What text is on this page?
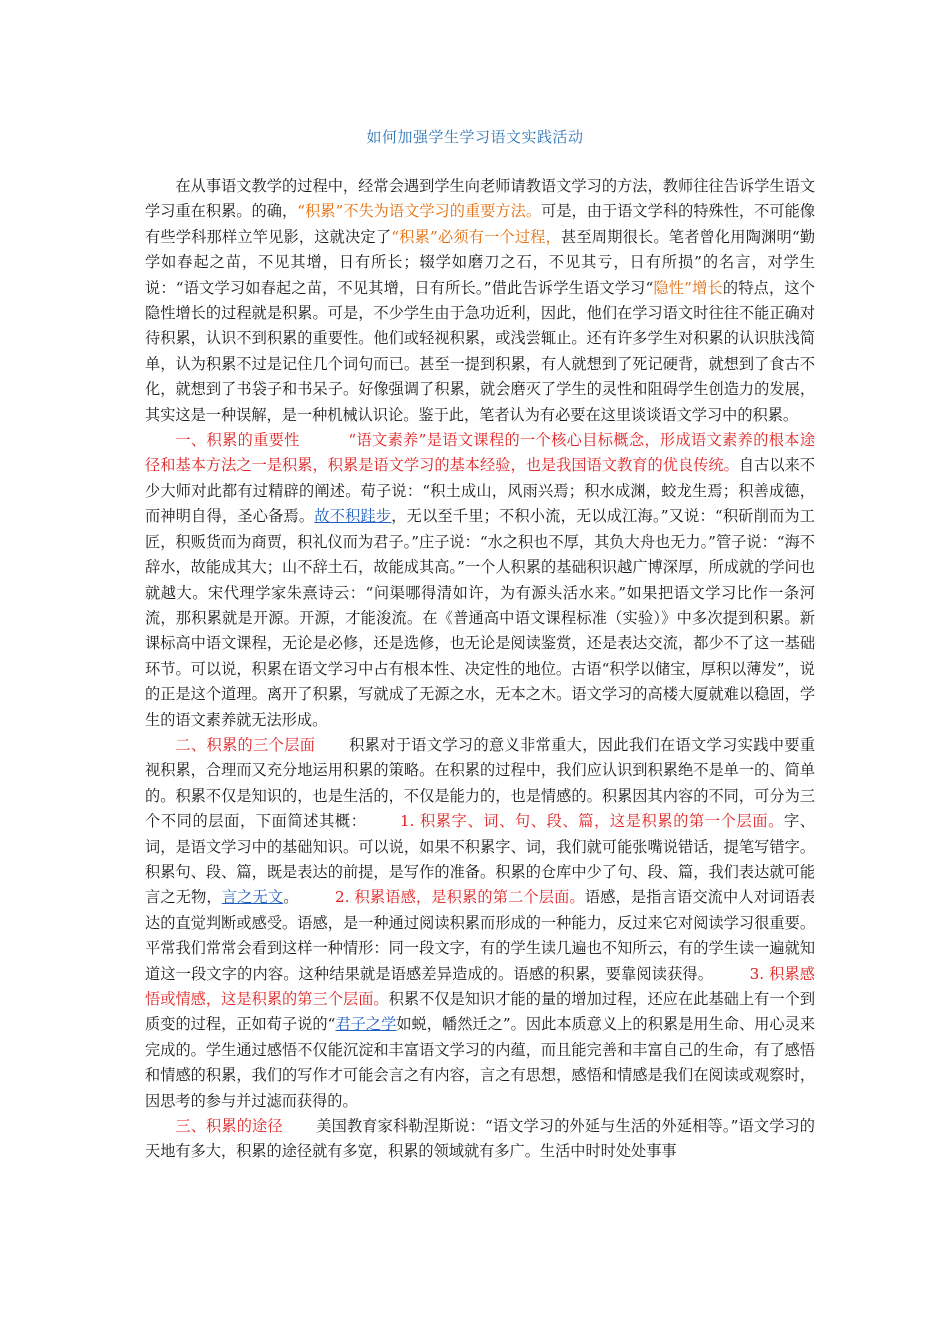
如何加强学生学习语文实践活动

在从事语文教学的过程中，经常会遇到学生向老师请教语文学习的方法，教师往往告诉学生语文学习重在积累。的确，“积累”不失为语文学习的重要方法。可是，由于语文学科的特殊性，不可能像有些学科那样立竿见影，这就决定了“积累”必须有一个过程，甚至周期很长。笔者曾化用陶渊明“勤学如春起之苗，不见其增，日有所长；辍学如磨刀之石，不见其亏，日有所损”的名言，对学生说：“语文学习如春起之苗，不见其增，日有所长。”借此告诉学生语文学习“隐性”增长的特点，这个隐性增长的过程就是积累。可是，不少学生由于急功近利，因此，他们在学习语文时往往不能正确对待积累，认识不到积累的重要性。他们或轻视积累，或浅尝辄止。还有许多学生对积累的认识肤浅简单，认为积累不过是记住几个词句而已。甚至一提到积累，有人就想到了死记硬背，就想到了食古不化，就想到了书袋子和书呆子。好像强调了积累，就会磨灭了学生的灵性和阻碍学生创造力的发展，其实这是一种误解，是一种机械认识论。鉴于此，笔者认为有必要在这里谈谈语文学习中的积累。

一、积累的重要性	“语文素养”是语文课程的一个核心目标概念，形成语文素养的根本途径和基本方法之一是积累，积累是语文学习的基本经验，也是我国语文教育的优良传统。自古以来不少大师对此都有过精辟的阐述。荀子说：“积土成山，风雨兴焉；积水成渊，蛟龙生焉；积善成德，而神明自得，圣心备焉。故不积跬步，无以至千里；不积小流，无以成江海。”又说：“积斫削而为工匠，积贩货而为商贾，积礼仪而为君子。”庄子说：“水之积也不厚，其负大舟也无力。”管子说：“海不辞水，故能成其大；山不辞土石，故能成其高。”一个人积累的基础积识越广博深厚，所成就的学问也就越大。宋代理学家朱熹诗云：“问渠哪得清如许，为有源头活水来。”如果把语文学习比作一条河流，那积累就是开源。开源，才能浚流。在《普通高中语文课程标准（实验）》中多次提到积累。新课标高中语文课程，无论是必修，还是选修，也无论是阅读鉴赏，还是表达交流，都少不了这一基础环节。可以说，积累在语文学习中占有根本性、决定性的地位。古语“积学以储宝，厚积以薄发”，说的正是这个道理。离开了积累，写就成了无源之水，无本之木。语文学习的高楼大厦就难以稳固，学生的语文素养就无法形成。

二、积累的三个层面 积累对于语文学习的意义非常重大，因此我们在语文学习实践中要重视积累，合理而又充分地运用积累的策略。在积累的过程中，我们应认识到积累绝不是单一的、简单的。积累不仅是知识的，也是生活的，不仅是能力的，也是情感的。积累因其内容的不同，可分为三个不同的层面，下面简述其概： 1. 积累字、词、句、段、篇，这是积累的第一个层面。字、词，是语文学习中的基础知识。可以说，如果不积累字、词，我们就可能张嘴说错话，提笔写错字。积累句、段、篇，既是表达的前提，是写作的准备。积累的仓库中少了句、段、篇，我们表达就可能言之无物，言之无文。 2. 积累语感，是积累的第二个层面。语感，是指言语交流中人对词语表达的直觉判断或感受。语感，是一种通过阅读积累而形成的一种能力，反过来它对阅读学习很重要。平常我们常常会看到这样一种情形：同一段文字，有的学生读几遍也不知所云，有的学生读一遍就知道这一段文字的内容。这种结果就是语感差异造成的。语感的积累，要靠阅读获得。 3. 积累感悟或情感，这是积累的第三个层面。积累不仅是知识才能的量的增加过程，还应在此基础上有一个到质变的过程，正如荀子说的“君子之学如蜕，幡然迁之”。因此本质意义上的积累是用生命、用心灵来完成的。学生通过感悟不仅能沉淀和丰富语文学习的内蕴，而且能完善和丰富自己的生命，有了感悟和情感的积累，我们的写作才可能会言之有内容，言之有思想，感悟和情感是我们在阅读或观察时，因思考的参与并过滤而获得的。

三、积累的途径 美国教育家科勒涅斯说：“语文学习的外延与生活的外延相等。”语文学习的天地有多大，积累的途径就有多宽，积累的领域就有多广。生活中时时处处事事
